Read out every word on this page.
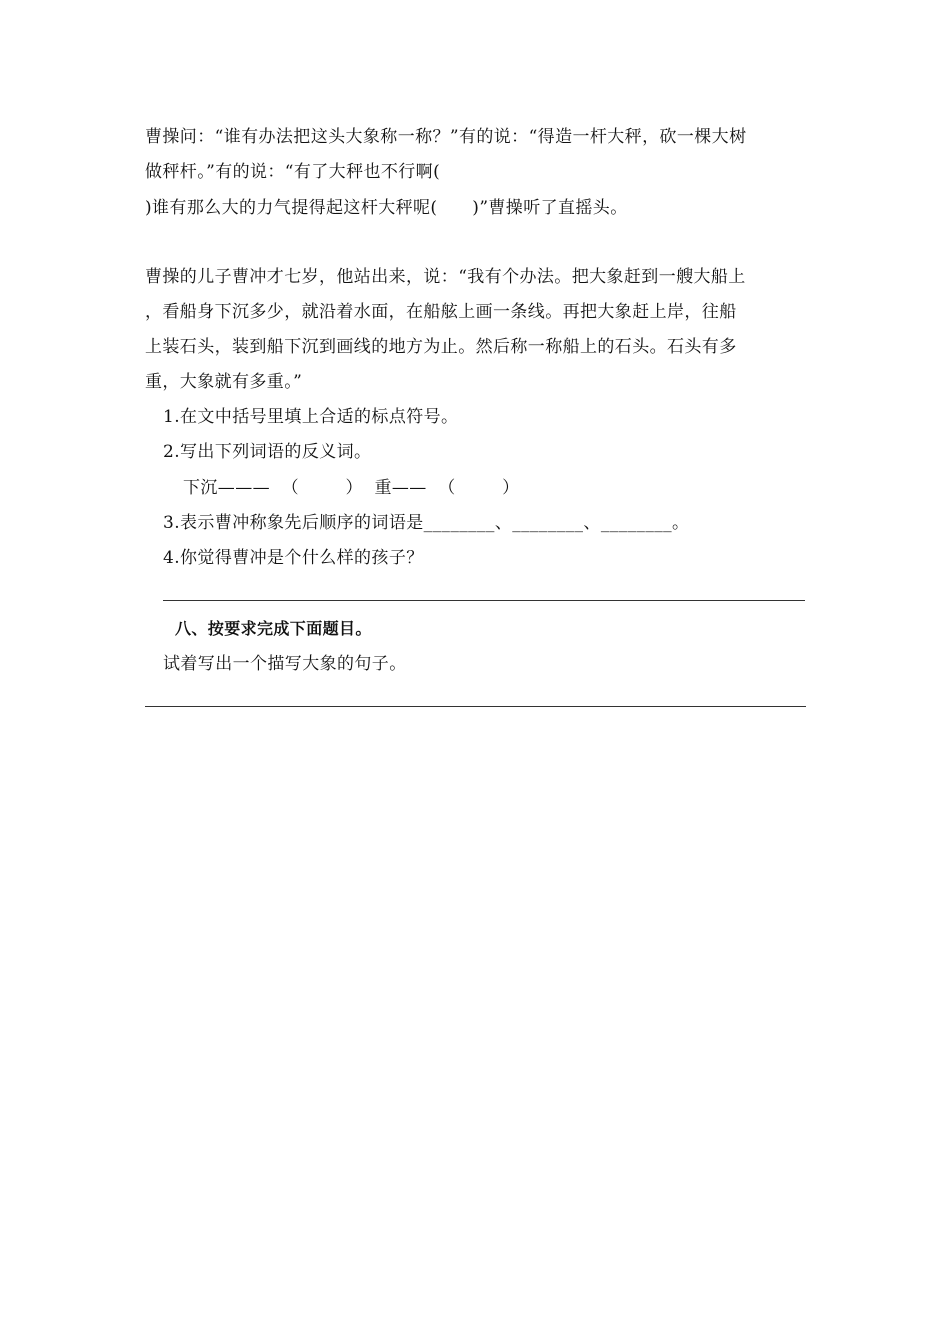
曹操问：“谁有办法把这头大象称一称？”有的说：“得造一杆大秤，砍一棵大树
做秤杆。”有的说：“有了大秤也不行啊(
)谁有那么大的力气提得起这杆大秤呢(      )”曹操听了直摇头。
曹操的儿子曹冲才七岁，他站出来，说：“我有个办法。把大象赶到一艘大船上
，看船身下沉多少，就沿着水面，在船舷上画一条线。再把大象赶上岸，往船
上装石头，装到船下沉到画线的地方为止。然后称一称船上的石头。石头有多
重，大象就有多重。”
1.在文中括号里填上合适的标点符号。
2.写出下列词语的反义词。
下沉———  （        ）  重——  （        ）
3.表示曹冲称象先后顺序的词语是________、________、________。
4.你觉得曹冲是个什么样的孩子？
八、按要求完成下面题目。
试着写出一个描写大象的句子。
